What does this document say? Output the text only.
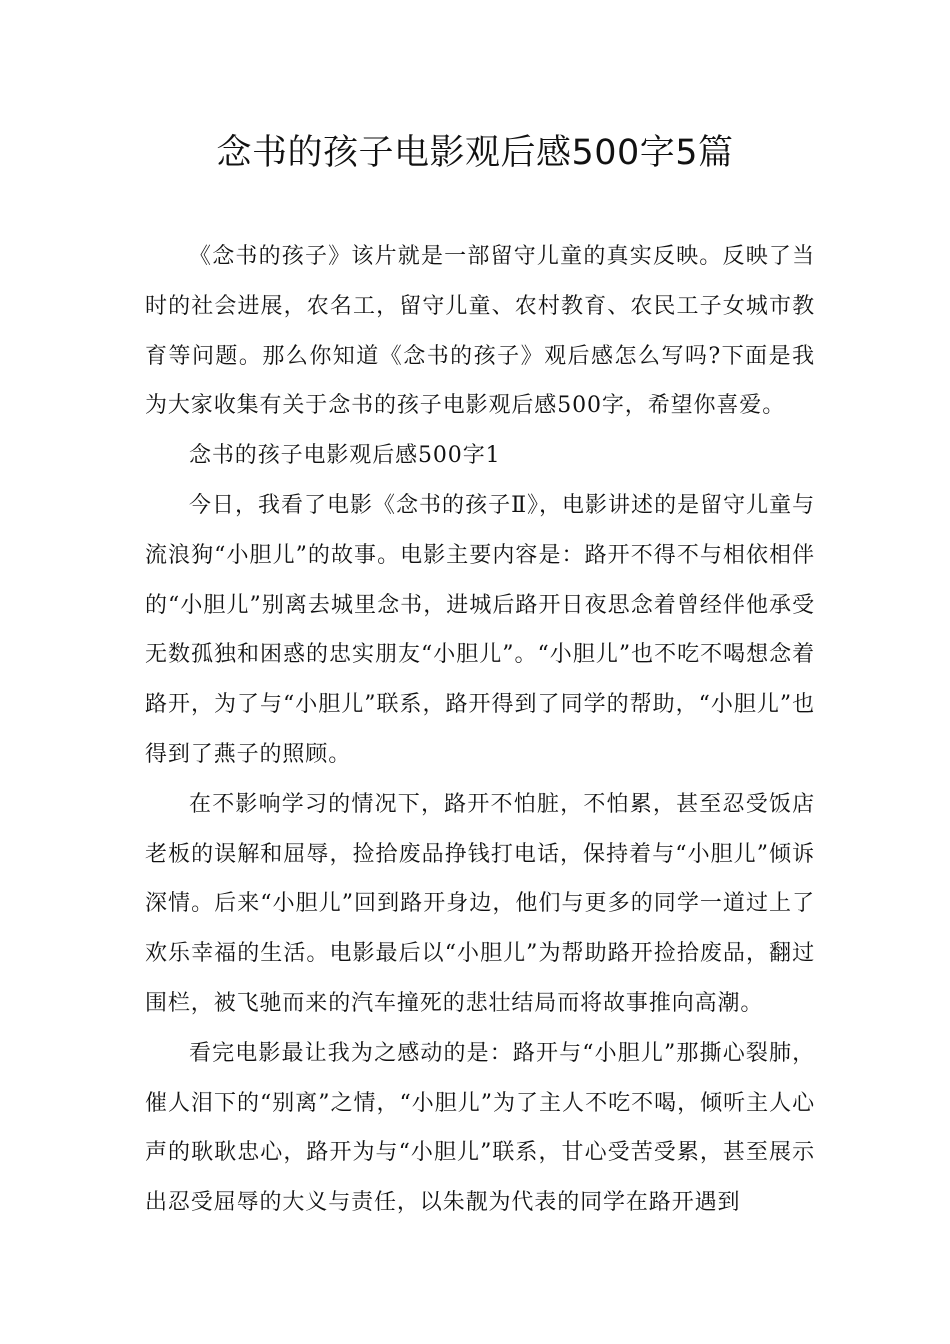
念书的孩子电影观后感500字5篇

《念书的孩子》该片就是一部留守儿童的真实反映。反映了当时的社会进展，农名工，留守儿童、农村教育、农民工子女城市教育等问题。那么你知道《念书的孩子》观后感怎么写吗?下面是我为大家收集有关于念书的孩子电影观后感500字，希望你喜爱。

念书的孩子电影观后感500字1

今日，我看了电影《念书的孩子Ⅱ》，电影讲述的是留守儿童与流浪狗“小胆儿”的故事。电影主要内容是：路开不得不与相依相伴的“小胆儿”别离去城里念书，进城后路开日夜思念着曾经伴他承受无数孤独和困惑的忠实朋友“小胆儿”。“小胆儿”也不吃不喝想念着路开，为了与“小胆儿”联系，路开得到了同学的帮助，“小胆儿”也得到了燕子的照顾。

在不影响学习的情况下，路开不怕脏，不怕累，甚至忍受饭店老板的误解和屈辱，捡拾废品挣钱打电话，保持着与“小胆儿”倾诉深情。后来“小胆儿”回到路开身边，他们与更多的同学一道过上了欢乐幸福的生活。电影最后以“小胆儿”为帮助路开捡拾废品，翻过围栏，被飞驰而来的汽车撞死的悲壮结局而将故事推向高潮。

看完电影最让我为之感动的是：路开与“小胆儿”那撕心裂肺，催人泪下的“别离”之情，“小胆儿”为了主人不吃不喝，倾听主人心声的耿耿忠心，路开为与“小胆儿”联系，甘心受苦受累，甚至展示出忍受屈辱的大义与责任，以朱靓为代表的同学在路开遇到
